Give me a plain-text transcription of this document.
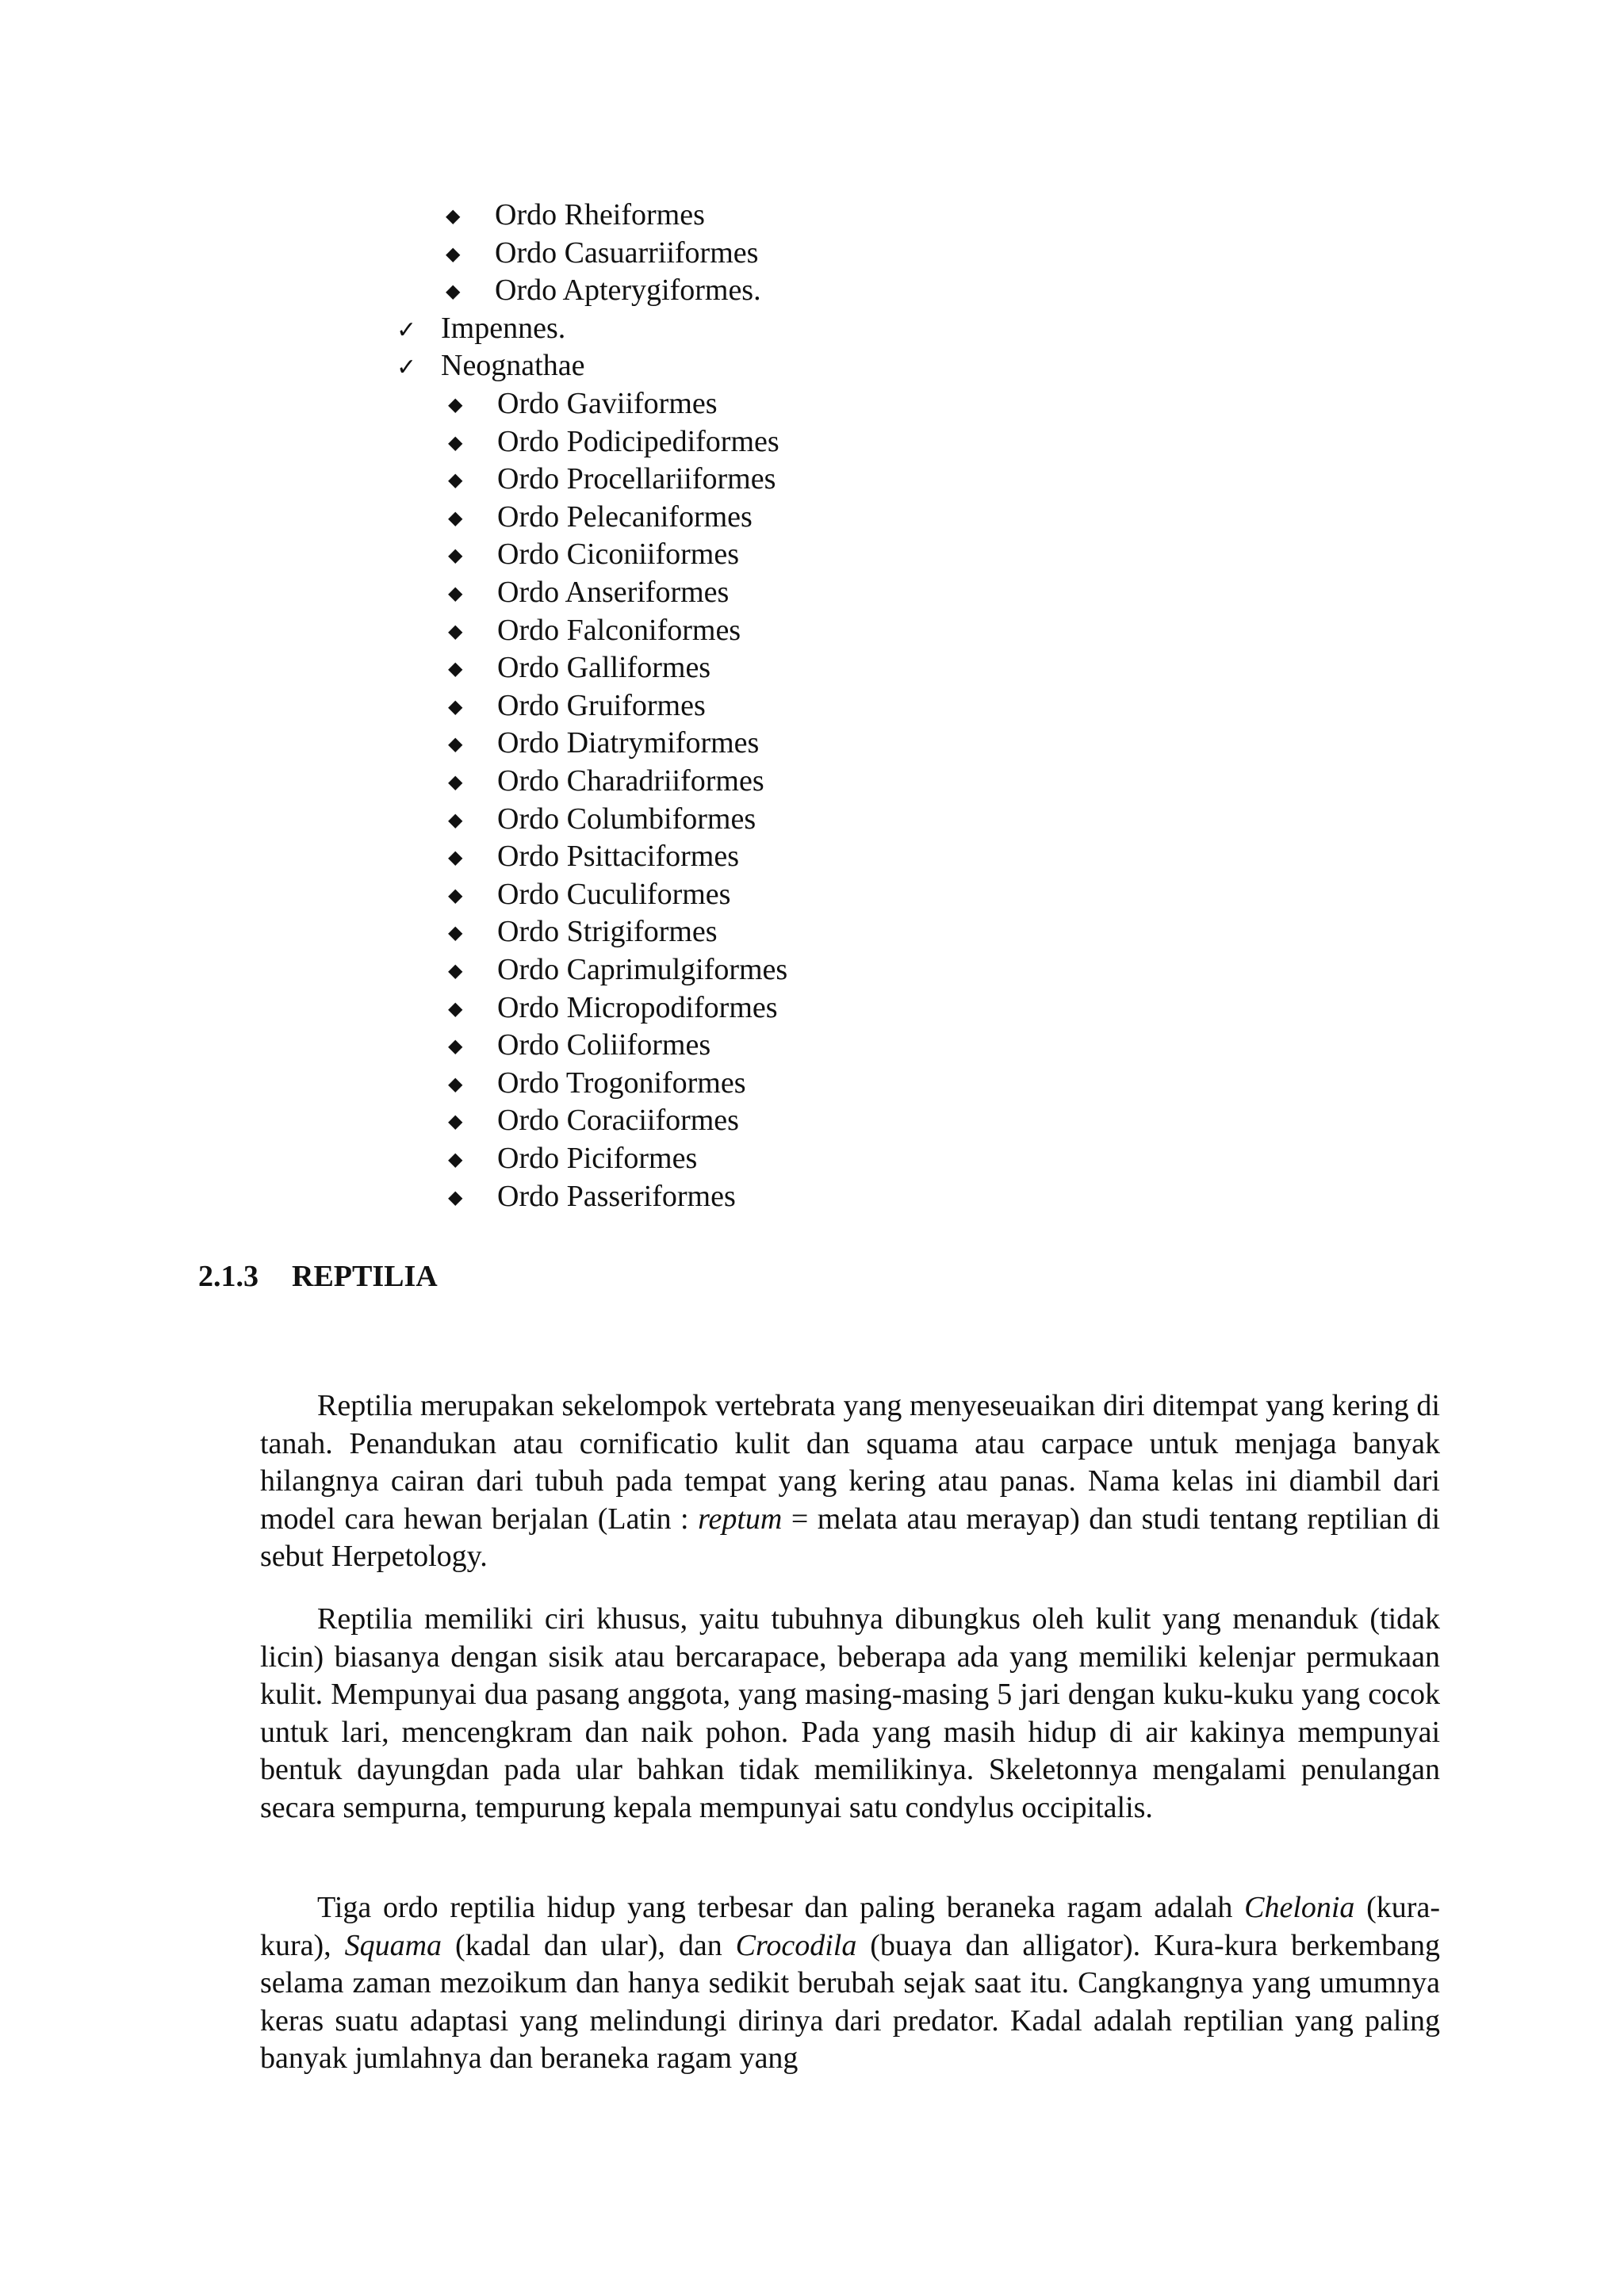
◆ Ordo Rheiformes
◆ Ordo Casuarriiformes
◆ Ordo Apterygiformes.
✓ Impennes.
✓ Neognathae
◆ Ordo Gaviiformes
◆ Ordo Podicipediformes
◆ Ordo Procellariiformes
◆ Ordo Pelecaniformes
◆ Ordo Ciconiiformes
◆ Ordo Anseriformes
◆ Ordo Falconiformes
◆ Ordo Galliformes
◆ Ordo Gruiformes
◆ Ordo Diatrymiformes
◆ Ordo Charadriiformes
◆ Ordo Columbiformes
◆ Ordo Psittaciformes
◆ Ordo Cuculiformes
◆ Ordo Strigiformes
◆ Ordo Caprimulgiformes
◆ Ordo Micropodiformes
◆ Ordo Coliiformes
◆ Ordo Trogoniformes
◆ Ordo Coraciiformes
◆ Ordo Piciformes
◆ Ordo Passeriformes
2.1.3 REPTILIA

Reptilia merupakan sekelompok vertebrata yang menyeseuaikan diri ditempat yang kering di tanah. Penandukan atau cornificatio kulit dan squama atau carpace untuk menjaga banyak hilangnya cairan dari tubuh pada tempat yang kering atau panas. Nama kelas ini diambil dari model cara hewan berjalan (Latin : reptum = melata atau merayap) dan studi tentang reptilian di sebut Herpetology.

Reptilia memiliki ciri khusus, yaitu tubuhnya dibungkus oleh kulit yang menanduk (tidak licin) biasanya dengan sisik atau bercarapace, beberapa ada yang memiliki kelenjar permukaan kulit. Mempunyai dua pasang anggota, yang masing-masing 5 jari dengan kuku-kuku yang cocok untuk lari, mencengkram dan naik pohon. Pada yang masih hidup di air kakinya mempunyai bentuk dayungdan pada ular bahkan tidak memilikinya. Skeletonnya mengalami penulangan secara sempurna, tempurung kepala mempunyai satu condylus occipitalis.

Tiga ordo reptilia hidup yang terbesar dan paling beraneka ragam adalah Chelonia (kura-kura), Squama (kadal dan ular), dan Crocodila (buaya dan alligator). Kura-kura berkembang selama zaman mezoikum dan hanya sedikit berubah sejak saat itu. Cangkangnya yang umumnya keras suatu adaptasi yang melindungi dirinya dari predator. Kadal adalah reptilian yang paling banyak jumlahnya dan beraneka ragam yang
